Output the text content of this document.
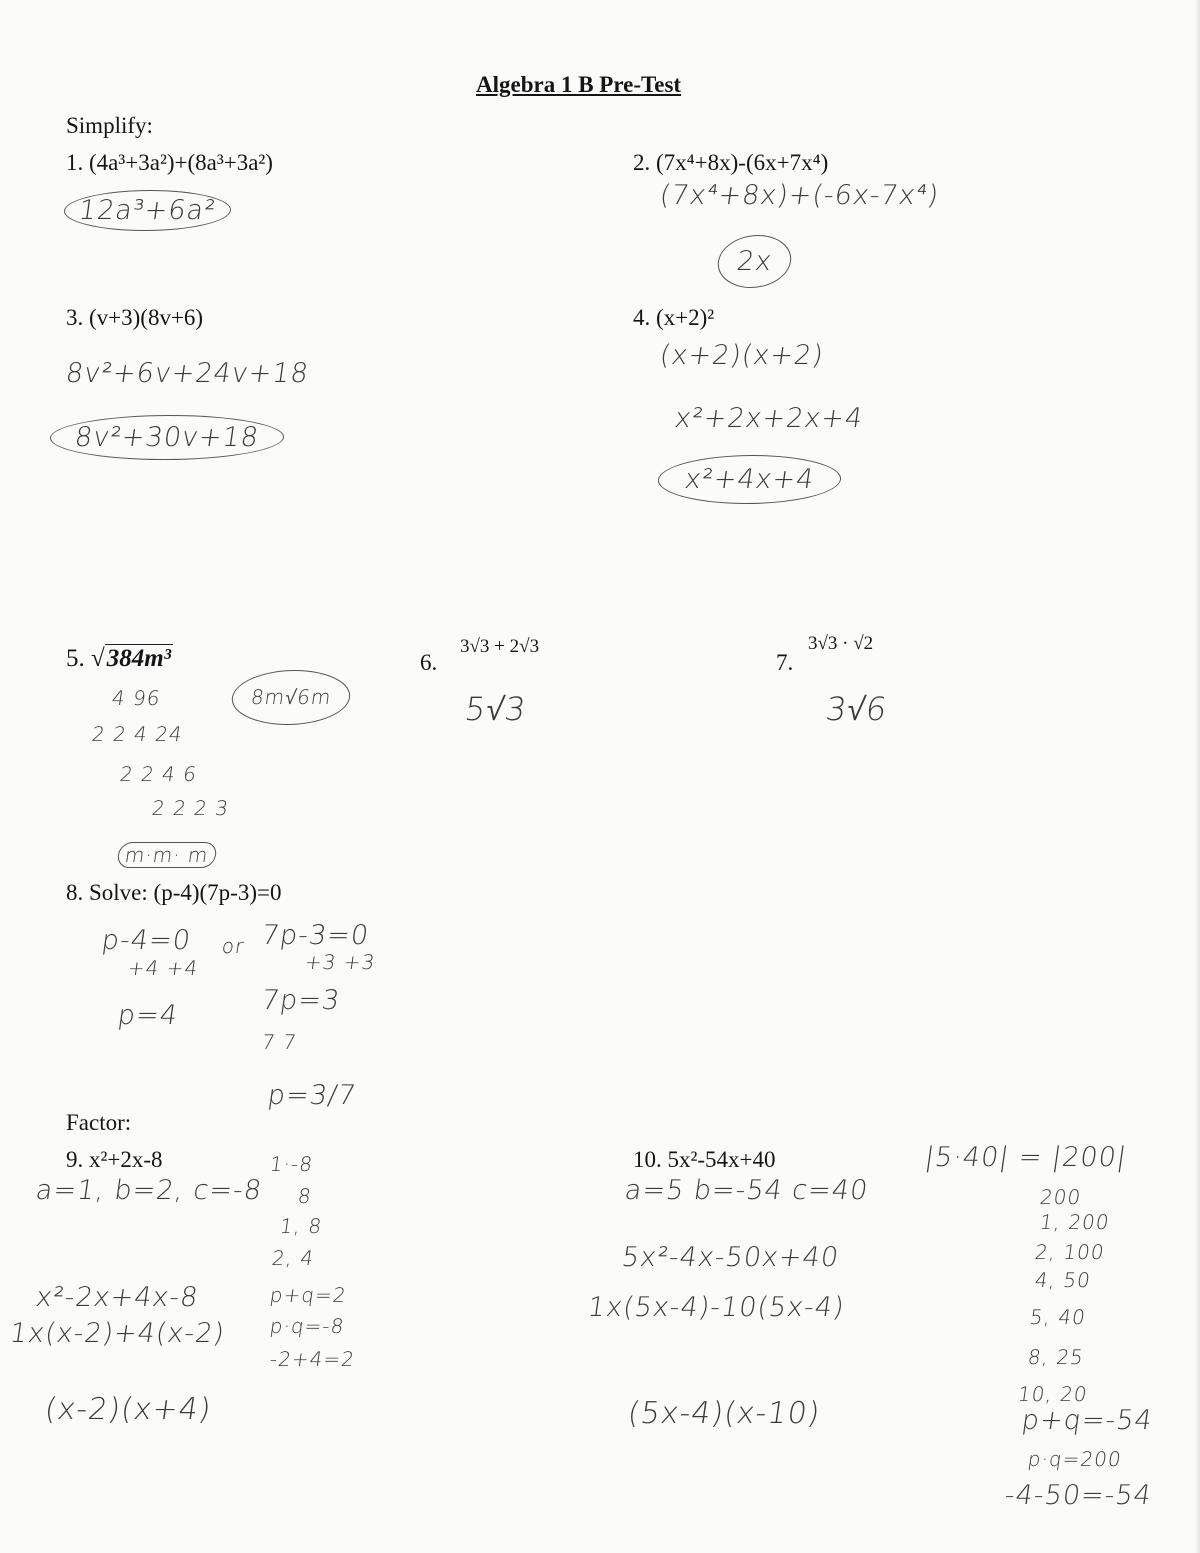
Algebra 1 B Pre-Test
Simplify:
1. (4a³+3a²)+(8a³+3a²)
12a³+6a²
2. (7x⁴+8x)-(6x+7x⁴)
(7x⁴+8x)+(-6x-7x⁴)
2x
3. (v+3)(8v+6)
8v²+6v+24v+18
8v²+30v+18
4. (x+2)²
(x+2)(x+2)
x²+2x+2x+4
x²+4x+4
5. √384m³
8m√6m
4 96
2 2 4 24
2 2 4 6
2 2 2 3
m·m· m
6.
3√3 + 2√3
5√3
7.
3√3 · √2
3√6
8. Solve: (p-4)(7p-3)=0
p-4=0 or 7p-3=0
+4 +4	+3 +3
p=4	7p=3
7 7
p=3/7
Factor:
9. x²+2x-8
a=1, b=2, c=-8
x²-2x+4x-8
1x(x-2)+4(x-2)
(x-2)(x+4)
1·-8
8
1, 8
2, 4
p+q=2
p·q=-8
-2+4=2
10. 5x²-54x+40
a=5 b=-54 c=40
5x²-4x-50x+40
1x(5x-4)-10(5x-4)
(5x-4)(x-10)
|5·40| = |200|
200
1, 200
2, 100
4, 50
5, 40
8, 25
10, 20
p+q=-54
p·q=200
-4-50=-54
